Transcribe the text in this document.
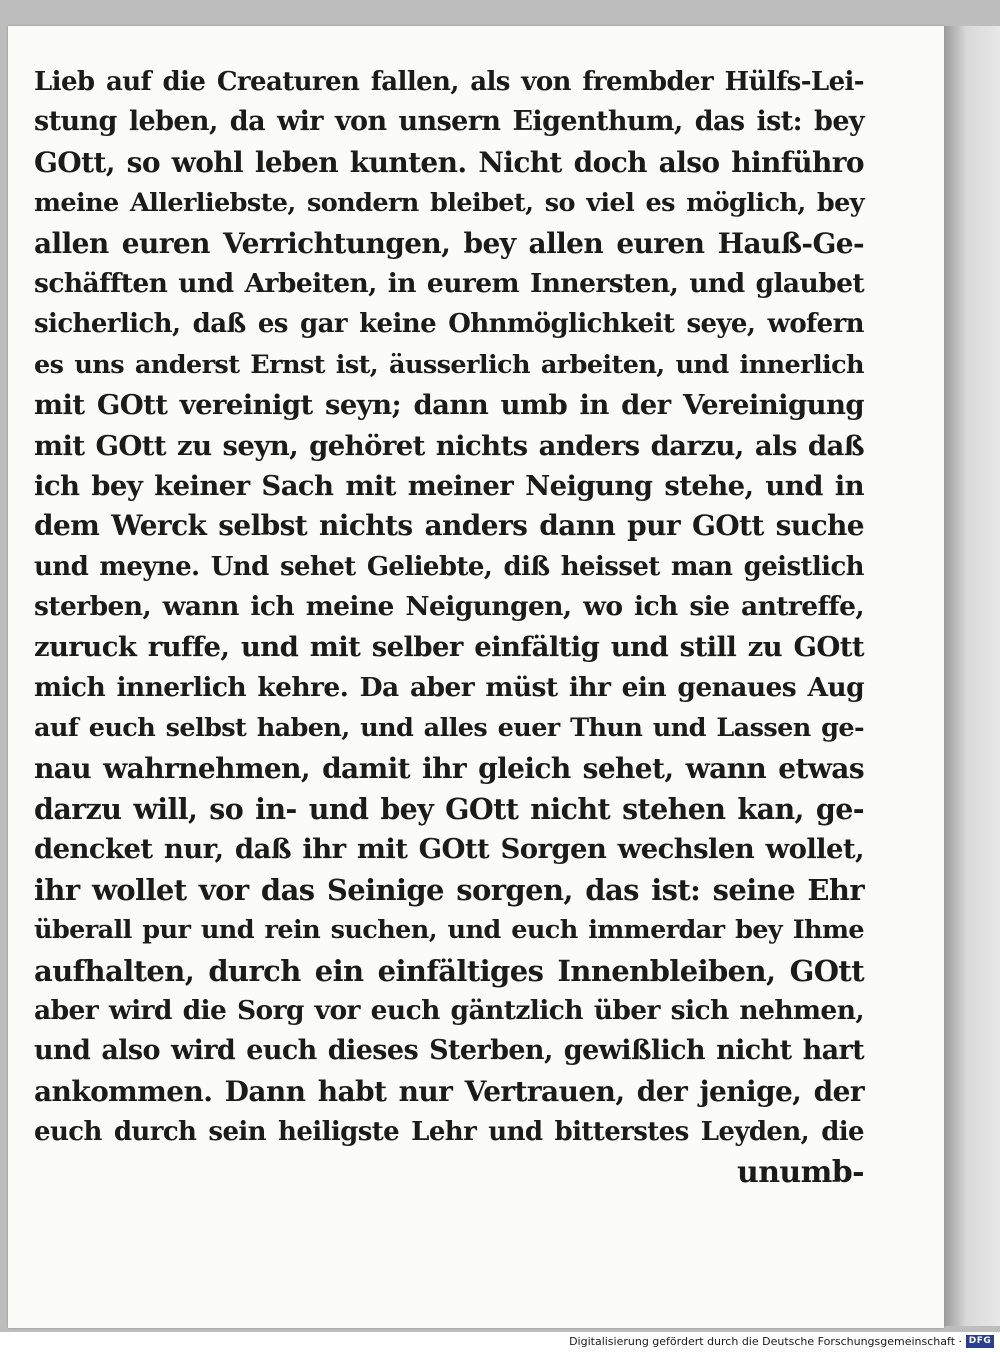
Lieb auf die Creaturen fallen, als von frembder Hülfs-Lei-
stung leben, da wir von unsern Eigenthum, das ist: bey
GOtt, so wohl leben kunten. Nicht doch also hinführo
meine Allerliebste, sondern bleibet, so viel es möglich, bey
allen euren Verrichtungen, bey allen euren Hauß-Ge-
schäfften und Arbeiten, in eurem Innersten, und glaubet
sicherlich, daß es gar keine Ohnmöglichkeit seye, wofern
es uns anderst Ernst ist, äusserlich arbeiten, und innerlich
mit GOtt vereinigt seyn; dann umb in der Vereinigung
mit GOtt zu seyn, gehöret nichts anders darzu, als daß
ich bey keiner Sach mit meiner Neigung stehe, und in
dem Werck selbst nichts anders dann pur GOtt suche
und meyne. Und sehet Geliebte, diß heisset man geistlich
sterben, wann ich meine Neigungen, wo ich sie antreffe,
zuruck ruffe, und mit selber einfältig und still zu GOtt
mich innerlich kehre. Da aber müst ihr ein genaues Aug
auf euch selbst haben, und alles euer Thun und Lassen ge-
nau wahrnehmen, damit ihr gleich sehet, wann etwas
darzu will, so in- und bey GOtt nicht stehen kan, ge-
dencket nur, daß ihr mit GOtt Sorgen wechslen wollet,
ihr wollet vor das Seinige sorgen, das ist: seine Ehr
überall pur und rein suchen, und euch immerdar bey Ihme
aufhalten, durch ein einfältiges Innenbleiben, GOtt
aber wird die Sorg vor euch gäntzlich über sich nehmen,
und also wird euch dieses Sterben, gewißlich nicht hart
ankommen. Dann habt nur Vertrauen, der jenige, der
euch durch sein heiligste Lehr und bitterstes Leyden, die
unumb-
Digitalisierung gefördert durch die Deutsche Forschungsgemeinschaft · DFG
